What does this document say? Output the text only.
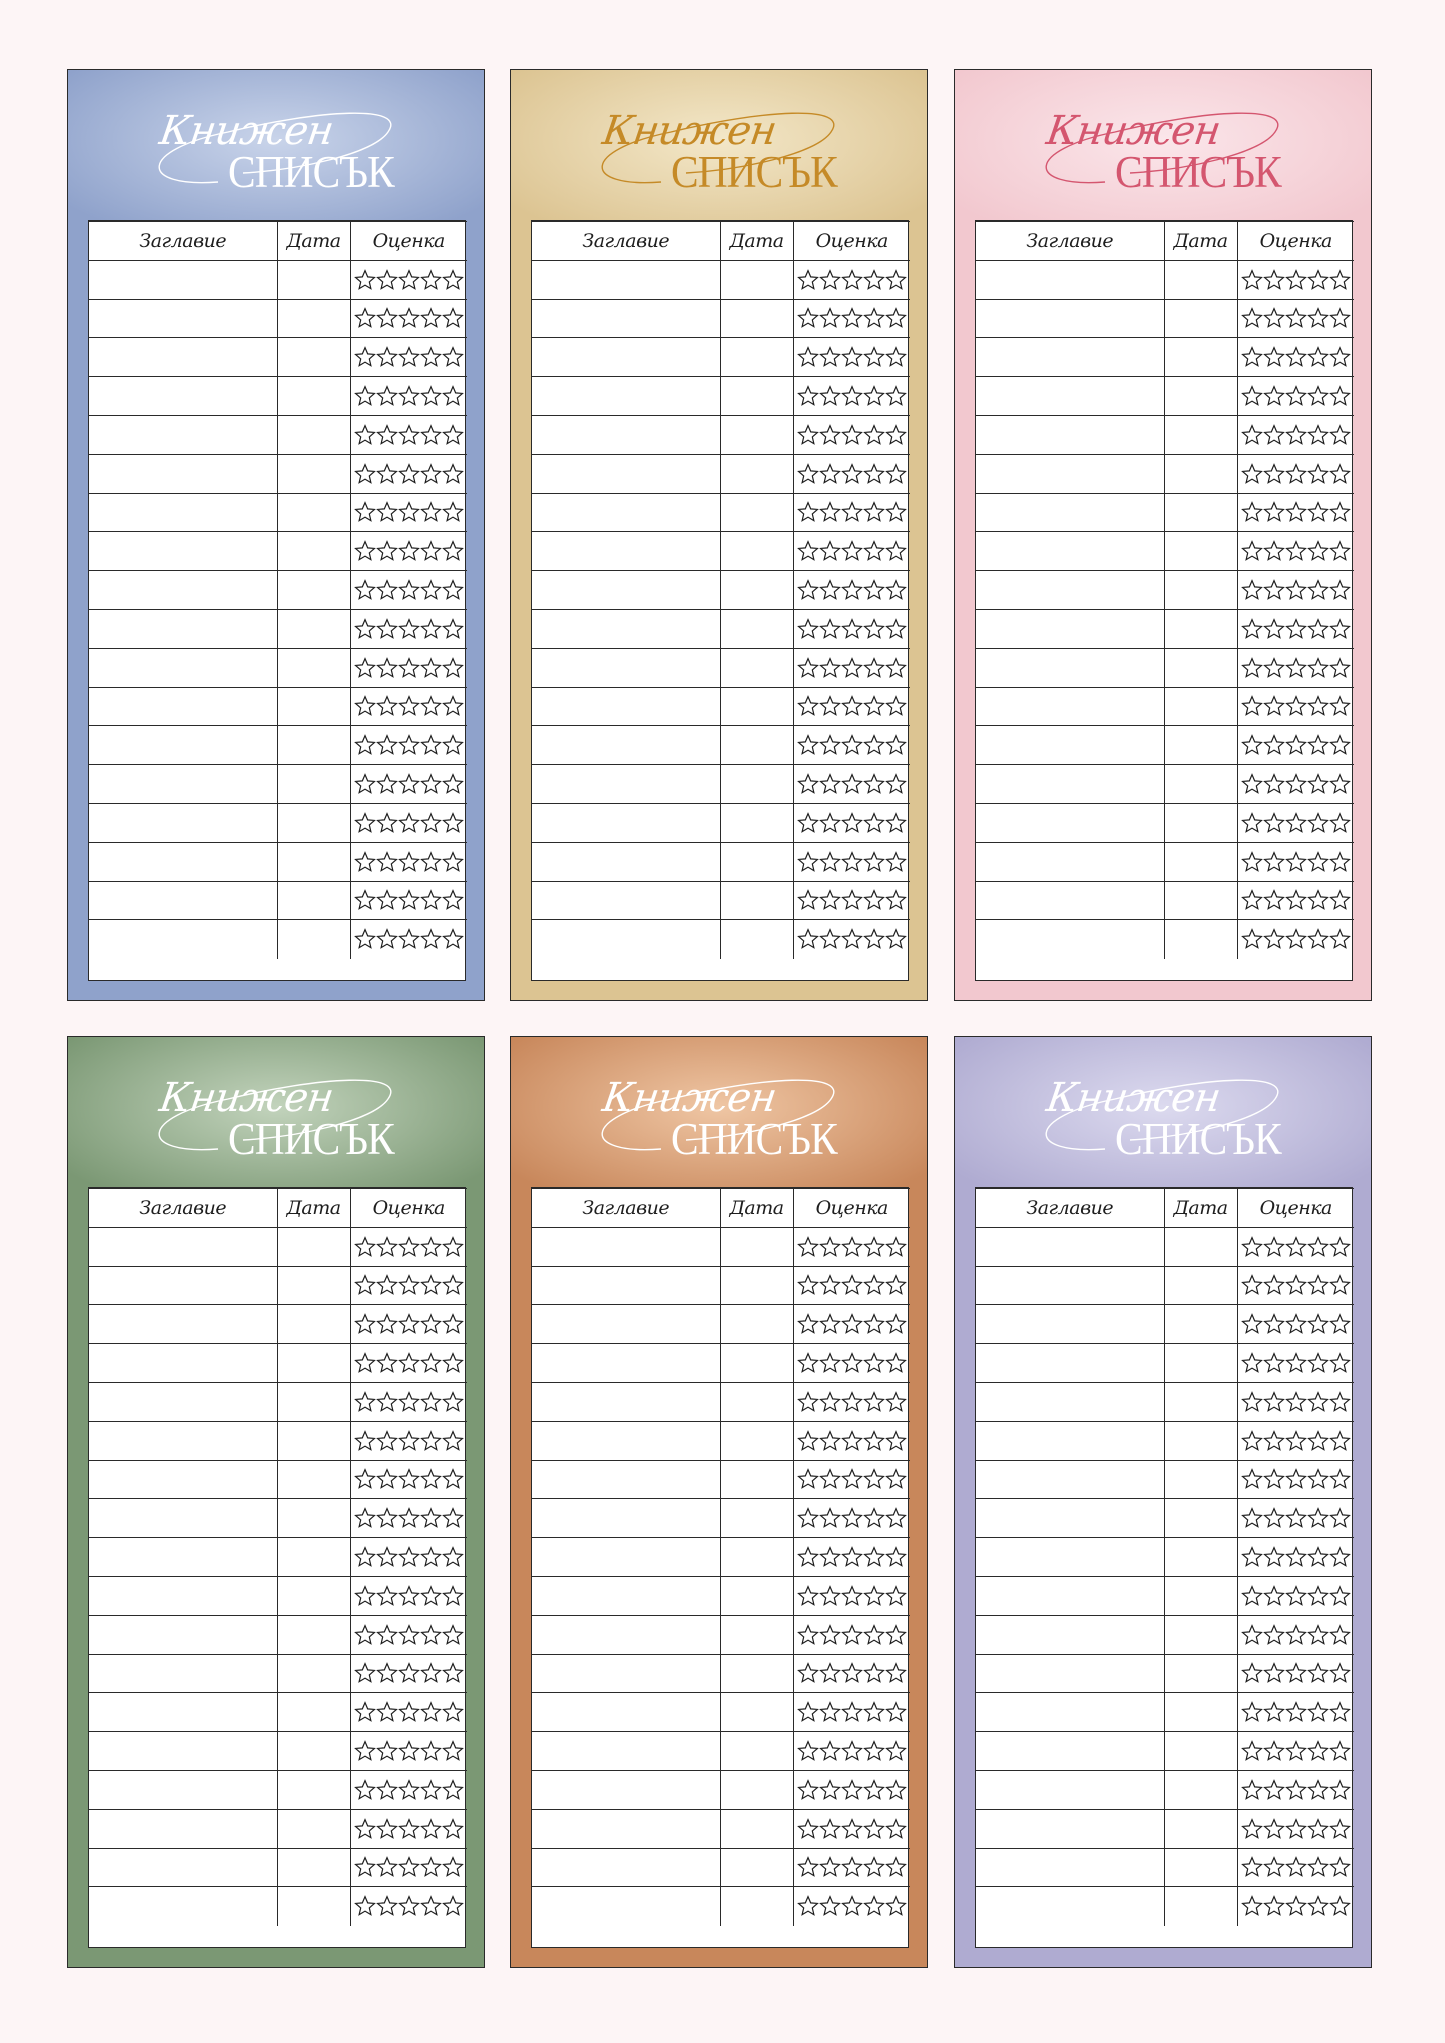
Книжен
СПИСЪК
Заглавие	Дата	Оценка

Книжен
СПИСЪК
Заглавие	Дата	Оценка

Книжен
СПИСЪК
Заглавие	Дата	Оценка

Книжен
СПИСЪК
Заглавие	Дата	Оценка

Книжен
СПИСЪК
Заглавие	Дата	Оценка

Книжен
СПИСЪК
Заглавие	Дата	Оценка
